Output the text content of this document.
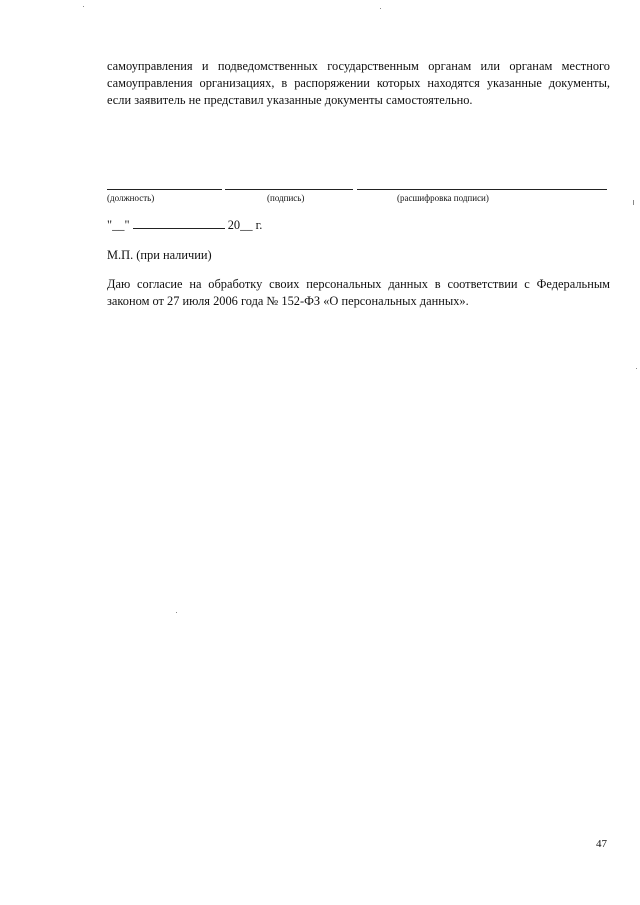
самоуправления и подведомственных государственным органам или органам местного
самоуправления организациях, в распоряжении которых находятся указанные документы,
если заявитель не представил указанные документы самостоятельно.
(должность)	(подпись)	(расшифровка подписи)
"__"	20__ г.
М.П. (при наличии)
Даю согласие на обработку своих персональных данных в соответствии с Федеральным
законом от 27 июля 2006 года № 152-ФЗ «О персональных данных».
47
